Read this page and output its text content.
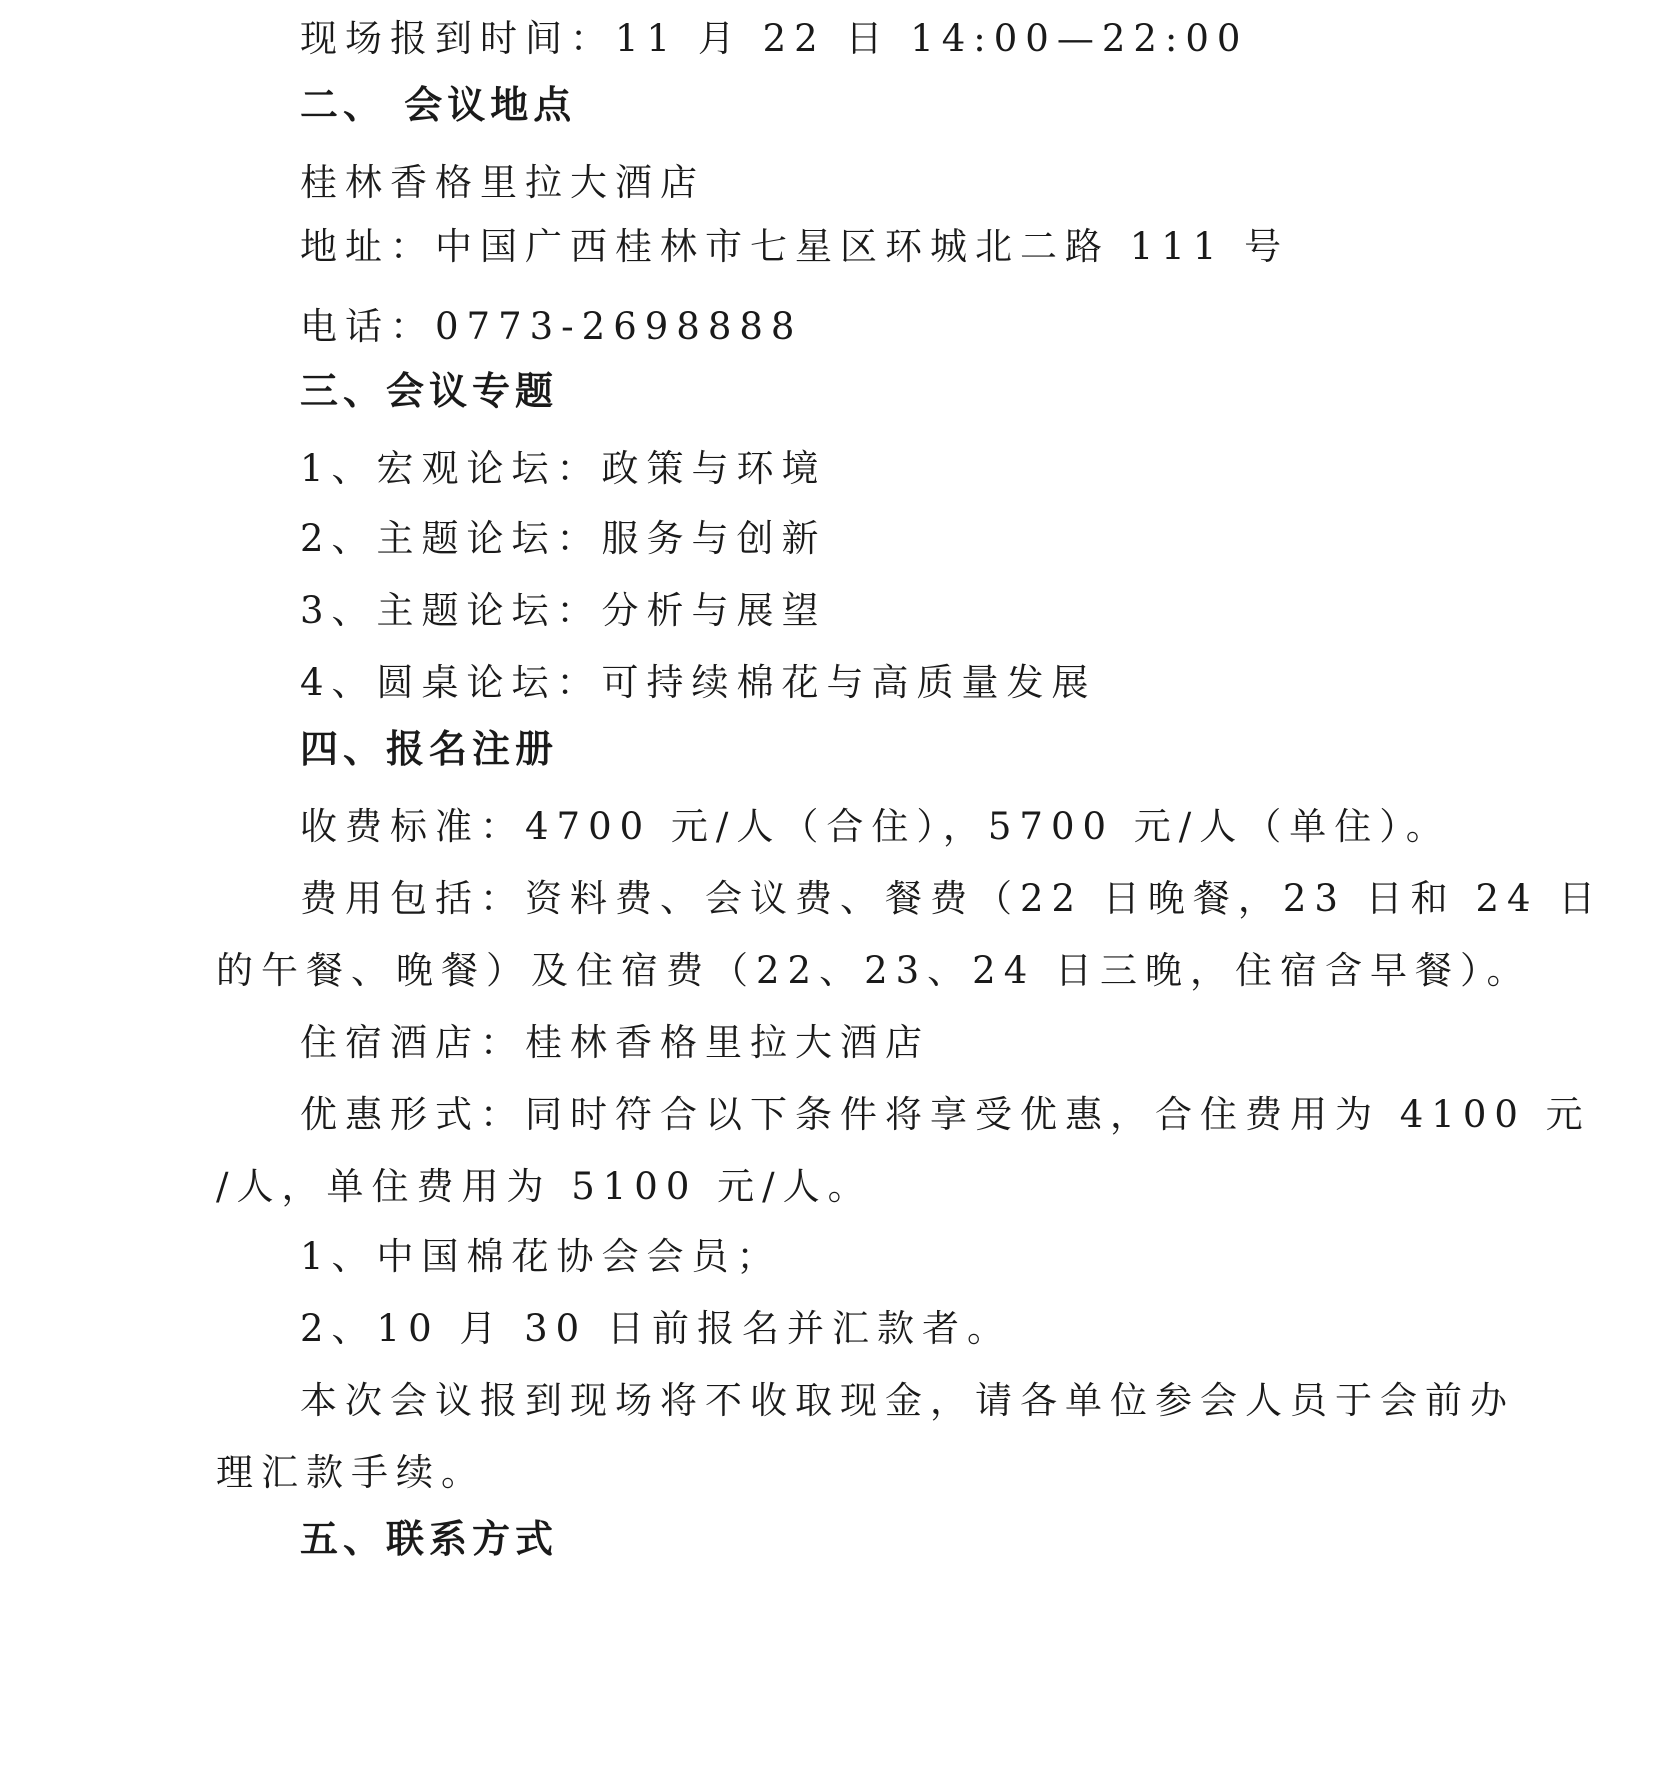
现场报到时间：11 月 22 日 14:00—22:00
二、 会议地点
桂林香格里拉大酒店
地址：中国广西桂林市七星区环城北二路 111 号
电话：0773-2698888
三、会议专题
1、宏观论坛：政策与环境
2、主题论坛：服务与创新
3、主题论坛：分析与展望
4、圆桌论坛：可持续棉花与高质量发展
四、报名注册
收费标准：4700 元/人（合住），5700 元/人（单住）。
费用包括：资料费、会议费、餐费（22 日晚餐，23 日和 24 日
的午餐、晚餐）及住宿费（22、23、24 日三晚，住宿含早餐）。
住宿酒店：桂林香格里拉大酒店
优惠形式：同时符合以下条件将享受优惠，合住费用为 4100 元
/人，单住费用为 5100 元/人。
1、中国棉花协会会员；
2、10 月 30 日前报名并汇款者。
本次会议报到现场将不收取现金，请各单位参会人员于会前办
理汇款手续。
五、联系方式
